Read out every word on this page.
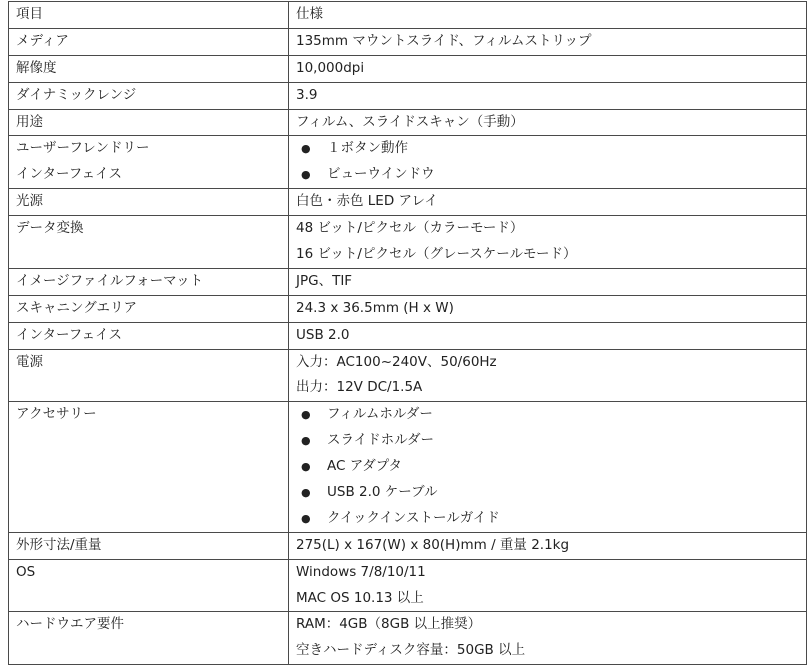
項目	仕様

メディア	135mm マウントスライド、フィルムストリップ

解像度	10,000dpi

ダイナミックレンジ	3.9

用途	フィルム、スライドスキャン（手動）

ユーザーフレンドリー
インターフェイス	● １ボタン動作
● ビューウインドウ

光源	白色・赤色 LED アレイ

データ変換	48 ビット/ピクセル（カラーモード）
16 ビット/ピクセル（グレースケールモード）

イメージファイルフォーマット	JPG、TIF

スキャニングエリア	24.3 x 36.5mm (H x W)

インターフェイス	USB 2.0

電源	入力：AC100~240V、50/60Hz
出力：12V DC/1.5A

アクセサリー	● フィルムホルダー
● スライドホルダー
● AC アダプタ
● USB 2.0 ケーブル
● クイックインストールガイド

外形寸法/重量	275(L) x 167(W) x 80(H)mm / 重量 2.1kg

OS	Windows 7/8/10/11
MAC OS 10.13 以上

ハードウエア要件	RAM：4GB（8GB 以上推奨）
空きハードディスク容量：50GB 以上
